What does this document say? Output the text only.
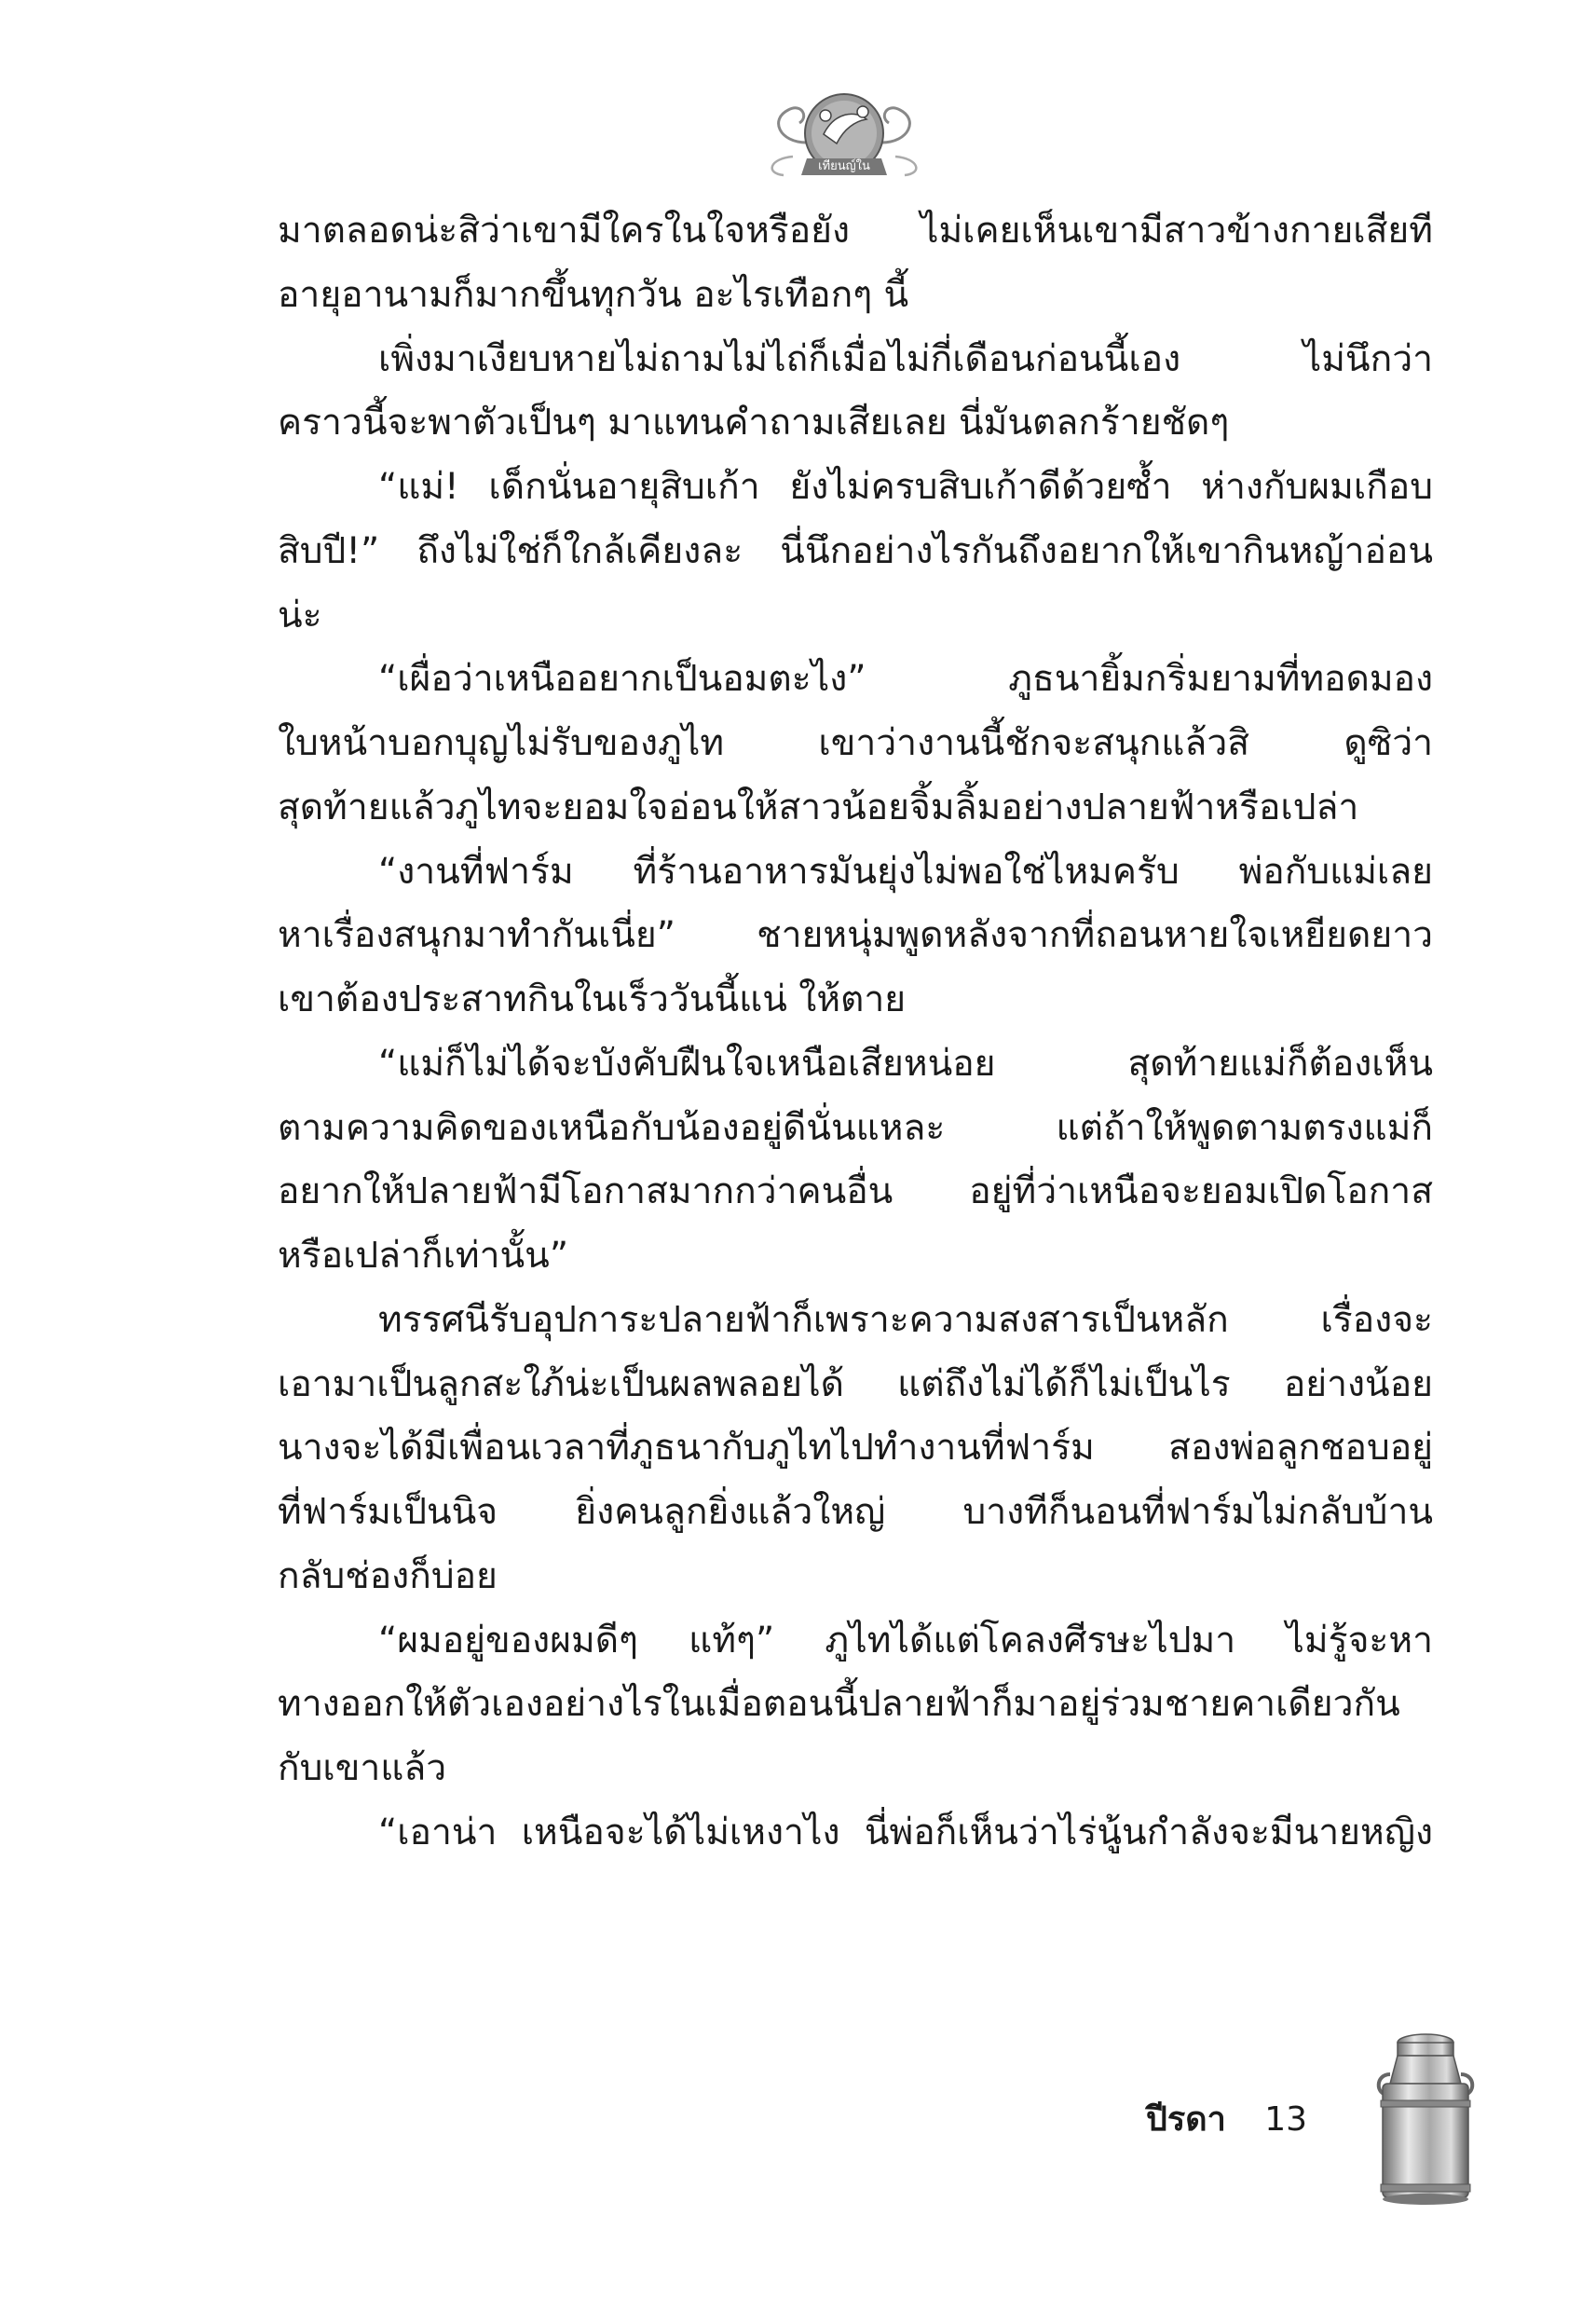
เทียนญ์ใน
มาตลอดน่ะสิว่าเขามีใครในใจหรือยัง ไม่เคยเห็นเขามีสาวข้างกายเสียที
อายุอานามก็มากขึ้นทุกวัน อะไรเทือกๆ นี้
เพิ่งมาเงียบหายไม่ถามไม่ไถ่ก็เมื่อไม่กี่เดือนก่อนนี้เอง ไม่นึกว่า
คราวนี้จะพาตัวเป็นๆ มาแทนคำถามเสียเลย นี่มันตลกร้ายชัดๆ
“แม่! เด็กนั่นอายุสิบเก้า ยังไม่ครบสิบเก้าดีด้วยซ้ำ ห่างกับผมเกือบ
สิบปี!” ถึงไม่ใช่ก็ใกล้เคียงละ นี่นึกอย่างไรกันถึงอยากให้เขากินหญ้าอ่อน
น่ะ
“เผื่อว่าเหนืออยากเป็นอมตะไง” ภูธนายิ้มกริ่มยามที่ทอดมอง
ใบหน้าบอกบุญไม่รับของภูไท เขาว่างานนี้ชักจะสนุกแล้วสิ ดูซิว่า
สุดท้ายแล้วภูไทจะยอมใจอ่อนให้สาวน้อยจิ้มลิ้มอย่างปลายฟ้าหรือเปล่า
“งานที่ฟาร์ม ที่ร้านอาหารมันยุ่งไม่พอใช่ไหมครับ พ่อกับแม่เลย
หาเรื่องสนุกมาทำกันเนี่ย” ชายหนุ่มพูดหลังจากที่ถอนหายใจเหยียดยาว
เขาต้องประสาทกินในเร็ววันนี้แน่ ให้ตาย
“แม่ก็ไม่ได้จะบังคับฝืนใจเหนือเสียหน่อย สุดท้ายแม่ก็ต้องเห็น
ตามความคิดของเหนือกับน้องอยู่ดีนั่นแหละ แต่ถ้าให้พูดตามตรงแม่ก็
อยากให้ปลายฟ้ามีโอกาสมากกว่าคนอื่น อยู่ที่ว่าเหนือจะยอมเปิดโอกาส
หรือเปล่าก็เท่านั้น”
ทรรศนีรับอุปการะปลายฟ้าก็เพราะความสงสารเป็นหลัก เรื่องจะ
เอามาเป็นลูกสะใภ้น่ะเป็นผลพลอยได้ แต่ถึงไม่ได้ก็ไม่เป็นไร อย่างน้อย
นางจะได้มีเพื่อนเวลาที่ภูธนากับภูไทไปทำงานที่ฟาร์ม สองพ่อลูกชอบอยู่
ที่ฟาร์มเป็นนิจ ยิ่งคนลูกยิ่งแล้วใหญ่ บางทีก็นอนที่ฟาร์มไม่กลับบ้าน
กลับช่องก็บ่อย
“ผมอยู่ของผมดีๆ แท้ๆ” ภูไทได้แต่โคลงศีรษะไปมา ไม่รู้จะหา
ทางออกให้ตัวเองอย่างไรในเมื่อตอนนี้ปลายฟ้าก็มาอยู่ร่วมชายคาเดียวกัน
กับเขาแล้ว
“เอาน่า เหนือจะได้ไม่เหงาไง นี่พ่อก็เห็นว่าไร่นู้นกำลังจะมีนายหญิง
ปีรดา 13
